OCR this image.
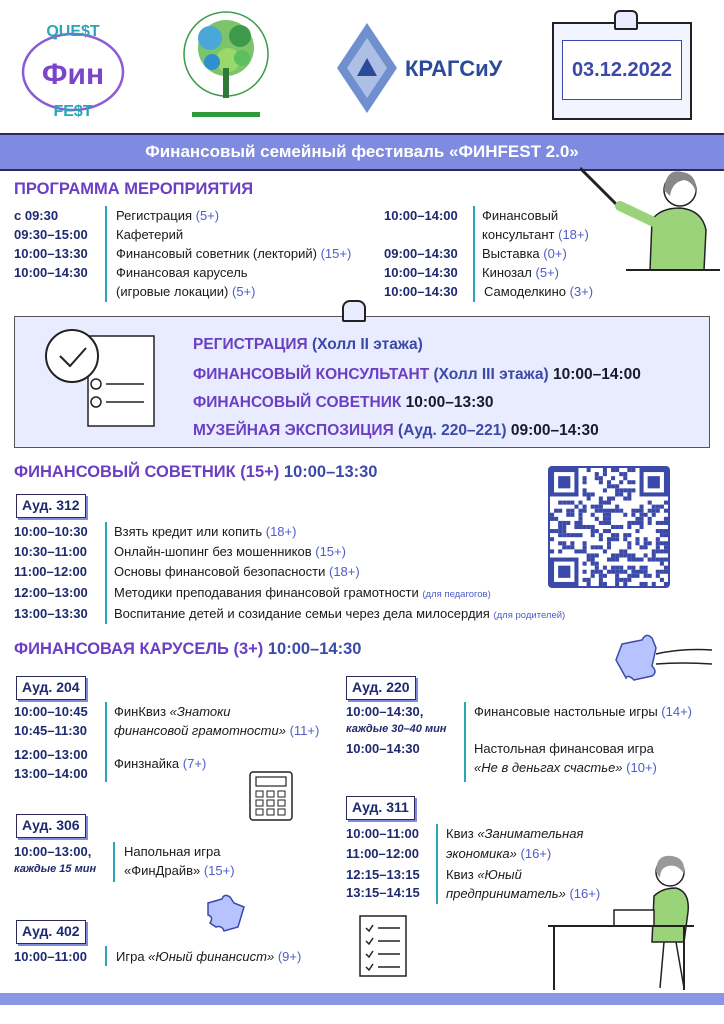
QUE$T
Фин
FE$T
КРАГСиУ	03.12.2022
Финансовый семейный фестиваль «ФИНFEST 2.0»
ПРОГРАММА МЕРОПРИЯТИЯ
с 09:30	Регистрация (5+)
09:30–15:00 Кафетерий
10:00–13:30 Финансовый советник (лекторий) (15+)
10:00–14:30 Финансовая карусель
(игровые локации) (5+)
10:00–14:00 Финансовый
консультант (18+)
09:00–14:30 Выставка (0+)
10:00–14:30 Кинозал (5+)
10:00–14:30 Самоделкино (3+)
РЕГИСТРАЦИЯ (Холл II этажа)
ФИНАНСОВЫЙ КОНСУЛЬТАНТ (Холл III этажа) 10:00–14:00
ФИНАНСОВЫЙ СОВЕТНИК 10:00–13:30
МУЗЕЙНАЯ ЭКСПОЗИЦИЯ (Ауд. 220–221) 09:00–14:30
ФИНАНСОВЫЙ СОВЕТНИК (15+) 10:00–13:30
Ауд. 312
10:00–10:30 Взять кредит или копить (18+)
10:30–11:00 Онлайн-шопинг без мошенников (15+)
11:00–12:00 Основы финансовой безопасности (18+)
12:00–13:00 Методики преподавания финансовой грамотности (для педагогов)
13:00–13:30 Воспитание детей и созидание семьи через дела милосердия (для родителей)
ФИНАНСОВАЯ КАРУСЕЛЬ (3+) 10:00–14:30
Ауд. 204
10:00–10:45
10:45–11:30
ФинКвиз «Знатоки
финансовой грамотности» (11+)
12:00–13:00
13:00–14:00
Финзнайка (7+)
Ауд. 220
10:00–14:30,
каждые 30–40 мин
Финансовые настольные игры (14+)
10:00–14:30	Настольная финансовая игра
«Не в деньгах счастье» (10+)
Ауд. 306
10:00–13:00,
каждые 15 мин
Напольная игра
«ФинДрайв» (15+)
Ауд. 311
10:00–11:00
11:00–12:00
Квиз «Занимательная
экономика» (16+)
12:15–13:15
13:15–14:15
Квиз «Юный
предприниматель» (16+)
Ауд. 402
10:00–11:00 Игра «Юный финансист» (9+)
